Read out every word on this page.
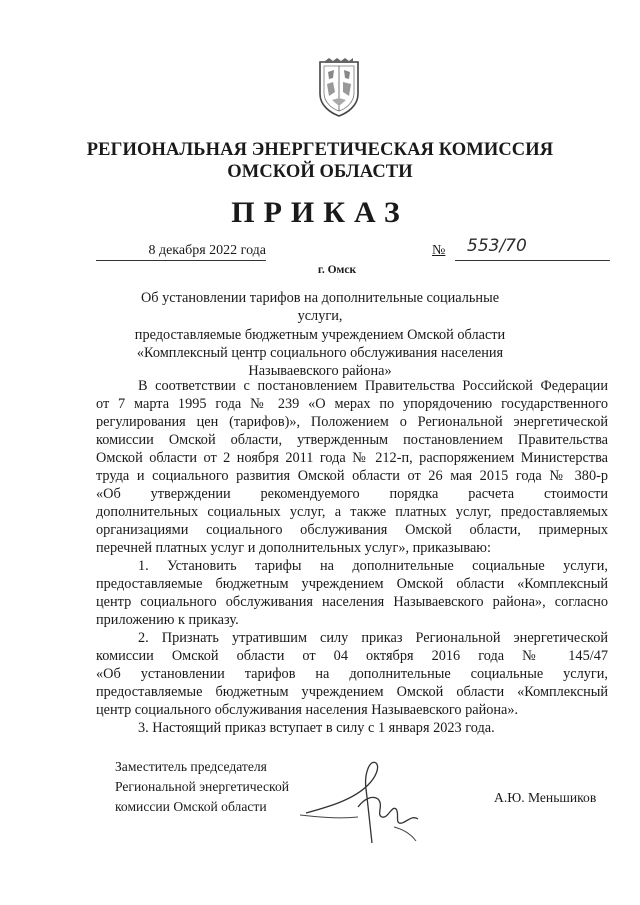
РЕГИОНАЛЬНАЯ ЭНЕРГЕТИЧЕСКАЯ КОМИССИЯ
ОМСКОЙ ОБЛАСТИ
ПРИКАЗ
8 декабря 2022 года	№	553/70
г. Омск
Об установлении тарифов на дополнительные социальные услуги,
предоставляемые бюджетным учреждением Омской области
«Комплексный центр социального обслуживания населения
Называевского района»
В соответствии с постановлением Правительства Российской Федерации
от 7 марта 1995 года № 239 «О мерах по упорядочению государственного
регулирования цен (тарифов)», Положением о Региональной энергетической
комиссии Омской области, утвержденным постановлением Правительства
Омской области от 2 ноября 2011 года № 212-п, распоряжением Министерства
труда и социального развития Омской области от 26 мая 2015 года № 380-р
«Об утверждении рекомендуемого порядка расчета стоимости
дополнительных социальных услуг, а также платных услуг, предоставляемых
организациями социального обслуживания Омской области, примерных
перечней платных услуг и дополнительных услуг», приказываю:
1. Установить тарифы на дополнительные социальные услуги,
предоставляемые бюджетным учреждением Омской области «Комплексный
центр социального обслуживания населения Называевского района», согласно
приложению к приказу.
2. Признать утратившим силу приказ Региональной энергетической
комиссии Омской области от 04 октября 2016 года № 145/47
«Об установлении тарифов на дополнительные социальные услуги,
предоставляемые бюджетным учреждением Омской области «Комплексный
центр социального обслуживания населения Называевского района».
3. Настоящий приказ вступает в силу с 1 января 2023 года.
Заместитель председателя
Региональной энергетической
комиссии Омской области
А.Ю. Меньшиков
